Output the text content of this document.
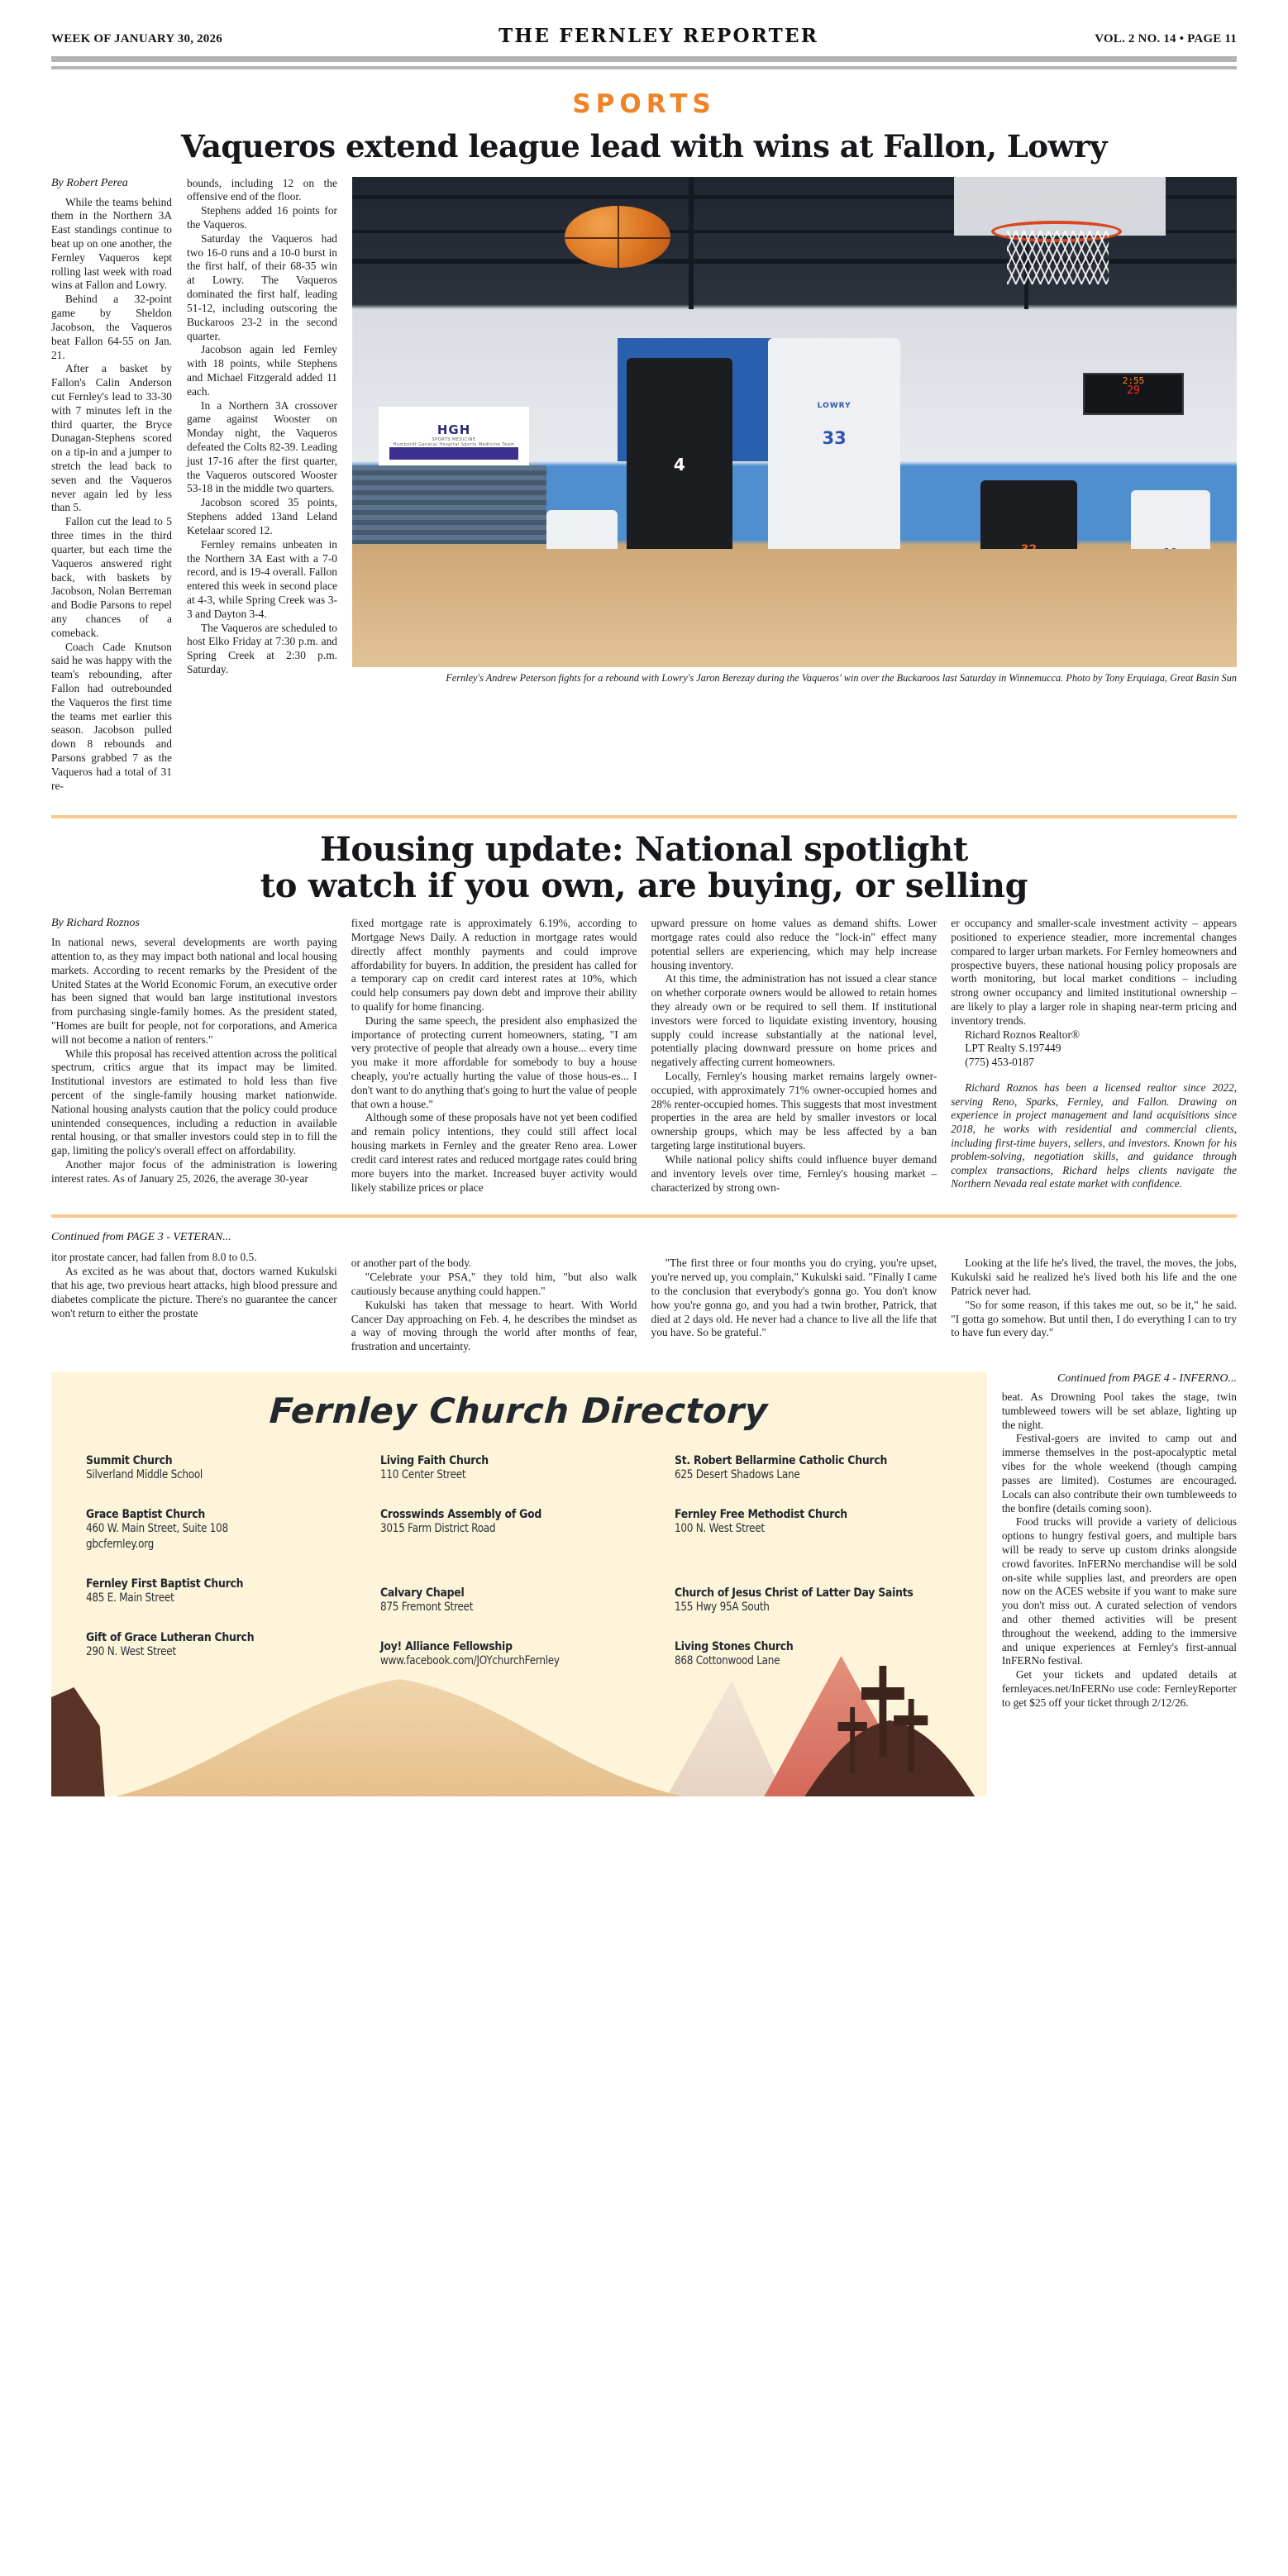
WEEK OF JANUARY 30, 2026	THE FERNLEY REPORTER	VOL. 2 NO. 14 • PAGE 11
SPORTS
Vaqueros extend league lead with wins at Fallon, Lowry
By Robert Perea

While the teams behind them in the Northern 3A East standings continue to beat up on one another, the Fernley Vaqueros kept rolling last week with road wins at Fallon and Lowry.

Behind a 32-point game by Sheldon Jacobson, the Vaqueros beat Fallon 64-55 on Jan. 21.

After a basket by Fallon's Calin Anderson cut Fernley's lead to 33-30 with 7 minutes left in the third quarter, the Bryce Dunagan-Stephens scored on a tip-in and a jumper to stretch the lead back to seven and the Vaqueros never again led by less than 5.

Fallon cut the lead to 5 three times in the third quarter, but each time the Vaqueros answered right back, with baskets by Jacobson, Nolan Berreman and Bodie Parsons to repel any chances of a comeback.

Coach Cade Knutson said he was happy with the team's rebounding, after Fallon had outrebounded the Vaqueros the first time the teams met earlier this season. Jacobson pulled down 8 rebounds and Parsons grabbed 7 as the Vaqueros had a total of 31 re-

bounds, including 12 on the offensive end of the floor.

Stephens added 16 points for the Vaqueros.

Saturday the Vaqueros had two 16-0 runs and a 10-0 burst in the first half, of their 68-35 win at Lowry. The Vaqueros dominated the first half, leading 51-12, including outscoring the Buckaroos 23-2 in the second quarter.

Jacobson again led Fernley with 18 points, while Stephens and Michael Fitzgerald added 11 each.

In a Northern 3A crossover game against Wooster on Monday night, the Vaqueros defeated the Colts 82-39. Leading just 17-16 after the first quarter, the Vaqueros outscored Wooster 53-18 in the middle two quarters.

Jacobson scored 35 points, Stephens added 13and Leland Ketelaar scored 12.

Fernley remains unbeaten in the Northern 3A East with a 7-0 record, and is 19-4 overall. Fallon entered this week in second place at 4-3, while Spring Creek was 3-3 and Dayton 3-4.

The Vaqueros are scheduled to host Elko Friday at 7:30 p.m. and Spring Creek at 2:30 p.m. Saturday.

2:55
29
HGH
SPORTS MEDICINE
Humboldt General Hospital Sports Medicine Team
4
33
LOWRY
Fernley's Andrew Peterson fights for a rebound with Lowry's Jaron Berezay during the Vaqueros' win over the Buckaroos last Saturday in Winnemucca. Photo by Tony Erquiaga, Great Basin Sun
Housing update: National spotlight
to watch if you own, are buying, or selling
By Richard Roznos

In national news, several developments are worth paying attention to, as they may impact both national and local housing markets. According to recent remarks by the President of the United States at the World Economic Forum, an executive order has been signed that would ban large institutional investors from purchasing single-family homes. As the president stated, "Homes are built for people, not for corporations, and America will not become a nation of renters."

While this proposal has received attention across the political spectrum, critics argue that its impact may be limited. Institutional investors are estimated to hold less than five percent of the single-family housing market nationwide. National housing analysts caution that the policy could produce unintended consequences, including a reduction in available rental housing, or that smaller investors could step in to fill the gap, limiting the policy's overall effect on affordability.

Another major focus of the administration is lowering interest rates. As of January 25, 2026, the average 30-year

fixed mortgage rate is approximately 6.19%, according to Mortgage News Daily. A reduction in mortgage rates would directly affect monthly payments and could improve affordability for buyers. In addition, the president has called for a temporary cap on credit card interest rates at 10%, which could help consumers pay down debt and improve their ability to qualify for home financing.

During the same speech, the president also emphasized the importance of protecting current homeowners, stating, "I am very protective of people that already own a house... every time you make it more affordable for somebody to buy a house cheaply, you're actually hurting the value of those hous-es... I don't want to do anything that's going to hurt the value of people that own a house."

Although some of these proposals have not yet been codified and remain policy intentions, they could still affect local housing markets in Fernley and the greater Reno area. Lower credit card interest rates and reduced mortgage rates could bring more buyers into the market. Increased buyer activity would likely stabilize prices or place

upward pressure on home values as demand shifts. Lower mortgage rates could also reduce the "lock-in" effect many potential sellers are experiencing, which may help increase housing inventory.

At this time, the administration has not issued a clear stance on whether corporate owners would be allowed to retain homes they already own or be required to sell them. If institutional investors were forced to liquidate existing inventory, housing supply could increase substantially at the national level, potentially placing downward pressure on home prices and negatively affecting current homeowners.

Locally, Fernley's housing market remains largely owner-occupied, with approximately 71% owner-occupied homes and 28% renter-occupied homes. This suggests that most investment properties in the area are held by smaller investors or local ownership groups, which may be less affected by a ban targeting large institutional buyers.

While national policy shifts could influence buyer demand and inventory levels over time, Fernley's housing market – characterized by strong own-

er occupancy and smaller-scale investment activity – appears positioned to experience steadier, more incremental changes compared to larger urban markets. For Fernley homeowners and prospective buyers, these national housing policy proposals are worth monitoring, but local market conditions – including strong owner occupancy and limited institutional ownership – are likely to play a larger role in shaping near-term pricing and inventory trends.

Richard Roznos Realtor®

LPT Realty S.197449

(775) 453-0187

Richard Roznos has been a licensed realtor since 2022, serving Reno, Sparks, Fernley, and Fallon. Drawing on experience in project management and land acquisitions since 2018, he works with residential and commercial clients, including first-time buyers, sellers, and investors. Known for his problem-solving, negotiation skills, and guidance through complex transactions, Richard helps clients navigate the Northern Nevada real estate market with confidence.
Continued from PAGE 3 - VETERAN...

itor prostate cancer, had fallen from 8.0 to 0.5.

As excited as he was about that, doctors warned Kukulski that his age, two previous heart attacks, high blood pressure and diabetes complicate the picture. There's no guarantee the cancer won't return to either the prostate

or another part of the body.

"Celebrate your PSA," they told him, "but also walk cautiously because anything could happen."

Kukulski has taken that message to heart. With World Cancer Day approaching on Feb. 4, he describes the mindset as a way of moving through the world after months of fear, frustration and uncertainty.

"The first three or four months you do crying, you're upset, you're nerved up, you complain," Kukulski said. "Finally I came to the conclusion that everybody's gonna go. You don't know how you're gonna go, and you had a twin brother, Patrick, that died at 2 days old. He never had a chance to live all the life that you have. So be grateful."

Looking at the life he's lived, the travel, the moves, the jobs, Kukulski said he realized he's lived both his life and the one Patrick never had.

"So for some reason, if this takes me out, so be it," he said. "I gotta go somehow. But until then, I do everything I can to try to have fun every day."

Fernley Church Directory
Summit Church
Silverland Middle School
Grace Baptist Church
460 W. Main Street, Suite 108
gbcfernley.org
Fernley First Baptist Church
485 E. Main Street
Gift of Grace Lutheran Church
290 N. West Street
Living Faith Church
110 Center Street
Crosswinds Assembly of God
3015 Farm District Road
Calvary Chapel
875 Fremont Street
Joy! Alliance Fellowship
www.facebook.com/JOYchurchFernley
St. Robert Bellarmine Catholic Church
625 Desert Shadows Lane
Fernley Free Methodist Church
100 N. West Street
Church of Jesus Christ of Latter Day Saints
155 Hwy 95A South
Living Stones Church
868 Cottonwood Lane
Continued from PAGE 4 - INFERNO...

beat. As Drowning Pool takes the stage, twin tumbleweed towers will be set ablaze, lighting up the night.

Festival-goers are invited to camp out and immerse themselves in the post-apocalyptic metal vibes for the whole weekend (though camping passes are limited). Costumes are encouraged. Locals can also contribute their own tumbleweeds to the bonfire (details coming soon).

Food trucks will provide a variety of delicious options to hungry festival goers, and multiple bars will be ready to serve up custom drinks alongside crowd favorites. InFERNo merchandise will be sold on-site while supplies last, and preorders are open now on the ACES website if you want to make sure you don't miss out. A curated selection of vendors and other themed activities will be present throughout the weekend, adding to the immersive and unique experiences at Fernley's first-annual InFERNo festival.

Get your tickets and updated details at fernleyaces.net/InFERNo use code: FernleyReporter to get $25 off your ticket through 2/12/26.
